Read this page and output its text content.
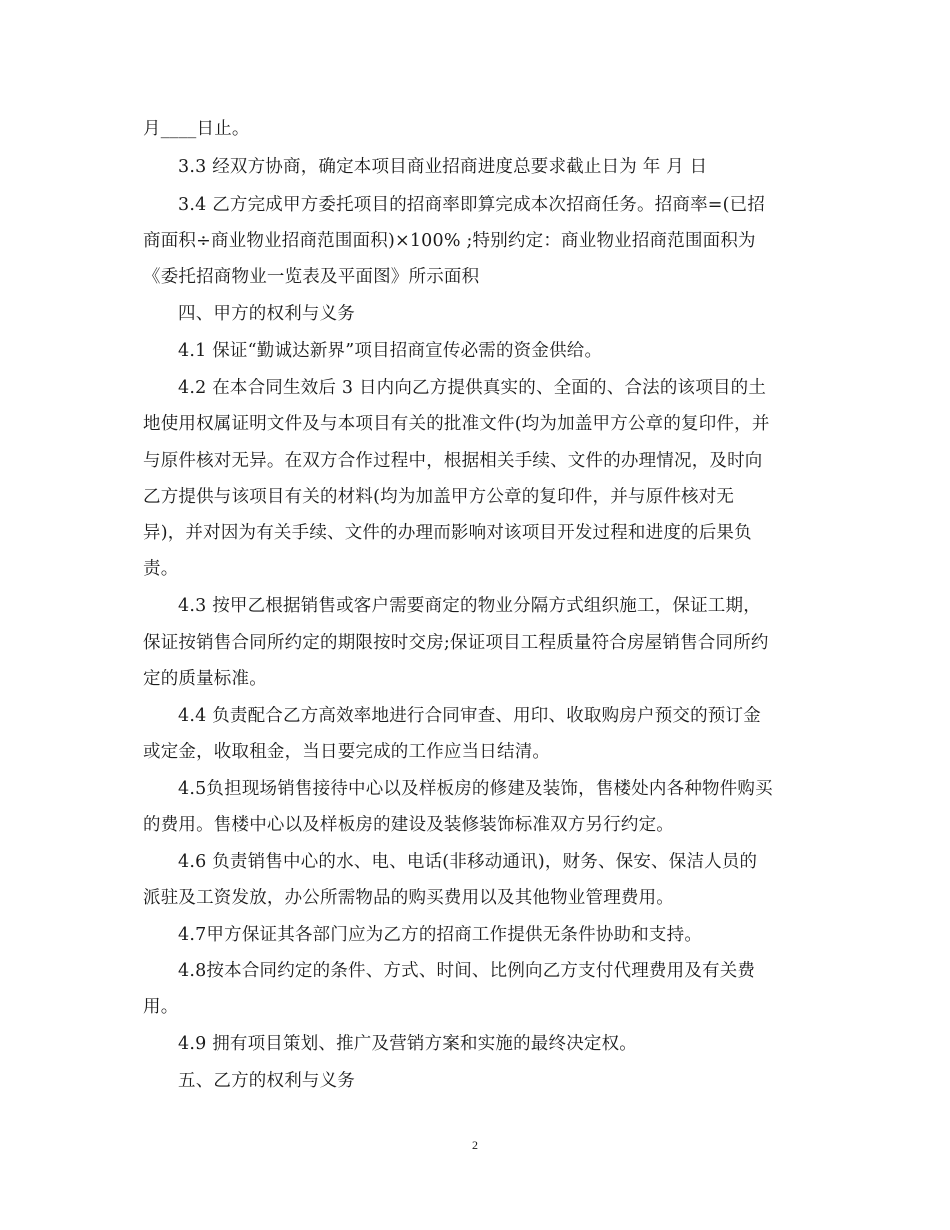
月____日止。
3.3 经双方协商，确定本项目商业招商进度总要求截止日为 年 月 日
3.4 乙方完成甲方委托项目的招商率即算完成本次招商任务。招商率=(已招
商面积÷商业物业招商范围面积)×100% ;特别约定：商业物业招商范围面积为
《委托招商物业一览表及平面图》所示面积
四、甲方的权利与义务
4.1 保证“勤诚达新界”项目招商宣传必需的资金供给。
4.2 在本合同生效后 3 日内向乙方提供真实的、全面的、合法的该项目的土
地使用权属证明文件及与本项目有关的批准文件(均为加盖甲方公章的复印件，并
与原件核对无异。在双方合作过程中，根据相关手续、文件的办理情况，及时向
乙方提供与该项目有关的材料(均为加盖甲方公章的复印件，并与原件核对无
异)，并对因为有关手续、文件的办理而影响对该项目开发过程和进度的后果负
责。
4.3 按甲乙根据销售或客户需要商定的物业分隔方式组织施工，保证工期，
保证按销售合同所约定的期限按时交房;保证项目工程质量符合房屋销售合同所约
定的质量标准。
4.4 负责配合乙方高效率地进行合同审查、用印、收取购房户预交的预订金
或定金，收取租金，当日要完成的工作应当日结清。
4.5负担现场销售接待中心以及样板房的修建及装饰，售楼处内各种物件购买
的费用。售楼中心以及样板房的建设及装修装饰标准双方另行约定。
4.6 负责销售中心的水、电、电话(非移动通讯)，财务、保安、保洁人员的
派驻及工资发放，办公所需物品的购买费用以及其他物业管理费用。
4.7甲方保证其各部门应为乙方的招商工作提供无条件协助和支持。
4.8按本合同约定的条件、方式、时间、比例向乙方支付代理费用及有关费
用。
4.9 拥有项目策划、推广及营销方案和实施的最终决定权。
五、乙方的权利与义务
2
